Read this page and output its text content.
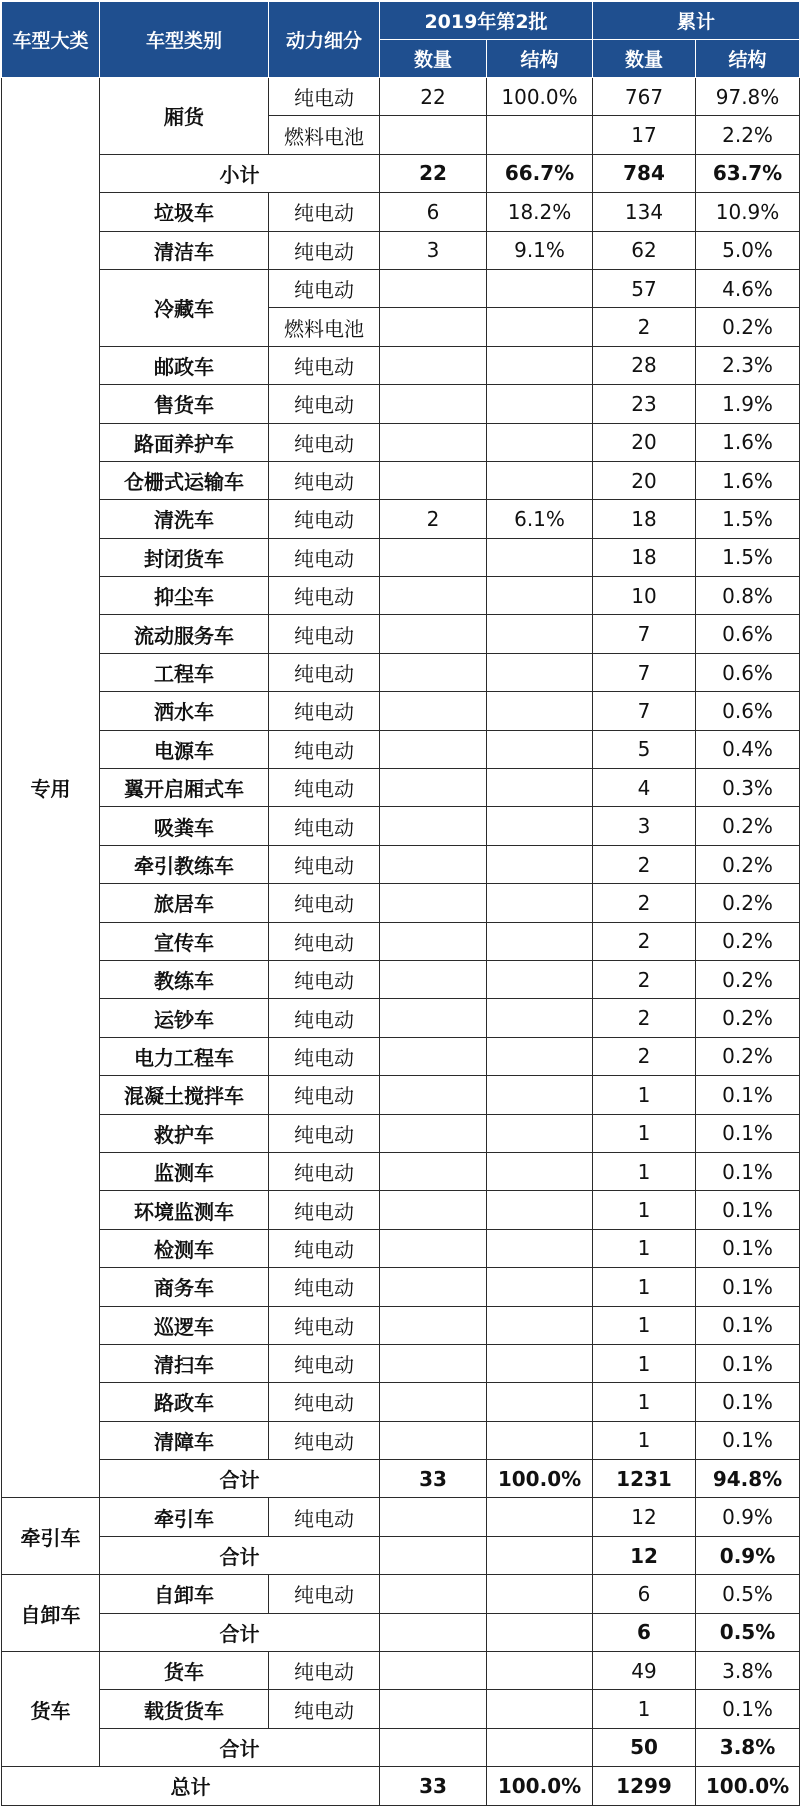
车型大类	车型类别	动力细分	2019年第2批		累计	
			数量	结构	数量	结构
专用	厢货	纯电动	22	100.0%	767	97.8%
		燃料电池			17	2.2%
	小计		22	66.7%	784	63.7%
	垃圾车	纯电动	6	18.2%	134	10.9%
	清洁车	纯电动	3	9.1%	62	5.0%
	冷藏车	纯电动			57	4.6%
		燃料电池			2	0.2%
	邮政车	纯电动			28	2.3%
	售货车	纯电动			23	1.9%
	路面养护车	纯电动			20	1.6%
	仓栅式运输车	纯电动			20	1.6%
	清洗车	纯电动	2	6.1%	18	1.5%
	封闭货车	纯电动			18	1.5%
	抑尘车	纯电动			10	0.8%
	流动服务车	纯电动			7	0.6%
	工程车	纯电动			7	0.6%
	洒水车	纯电动			7	0.6%
	电源车	纯电动			5	0.4%
	翼开启厢式车	纯电动			4	0.3%
	吸粪车	纯电动			3	0.2%
	牵引教练车	纯电动			2	0.2%
	旅居车	纯电动			2	0.2%
	宣传车	纯电动			2	0.2%
	教练车	纯电动			2	0.2%
	运钞车	纯电动			2	0.2%
	电力工程车	纯电动			2	0.2%
	混凝土搅拌车	纯电动			1	0.1%
	救护车	纯电动			1	0.1%
	监测车	纯电动			1	0.1%
	环境监测车	纯电动			1	0.1%
	检测车	纯电动			1	0.1%
	商务车	纯电动			1	0.1%
	巡逻车	纯电动			1	0.1%
	清扫车	纯电动			1	0.1%
	路政车	纯电动			1	0.1%
	清障车	纯电动			1	0.1%
	合计		33	100.0%	1231	94.8%
牵引车	牵引车	纯电动			12	0.9%
	合计				12	0.9%
自卸车	自卸车	纯电动			6	0.5%
	合计				6	0.5%
货车	货车	纯电动			49	3.8%
	载货货车	纯电动			1	0.1%
	合计				50	3.8%
总计			33	100.0%	1299	100.0%
